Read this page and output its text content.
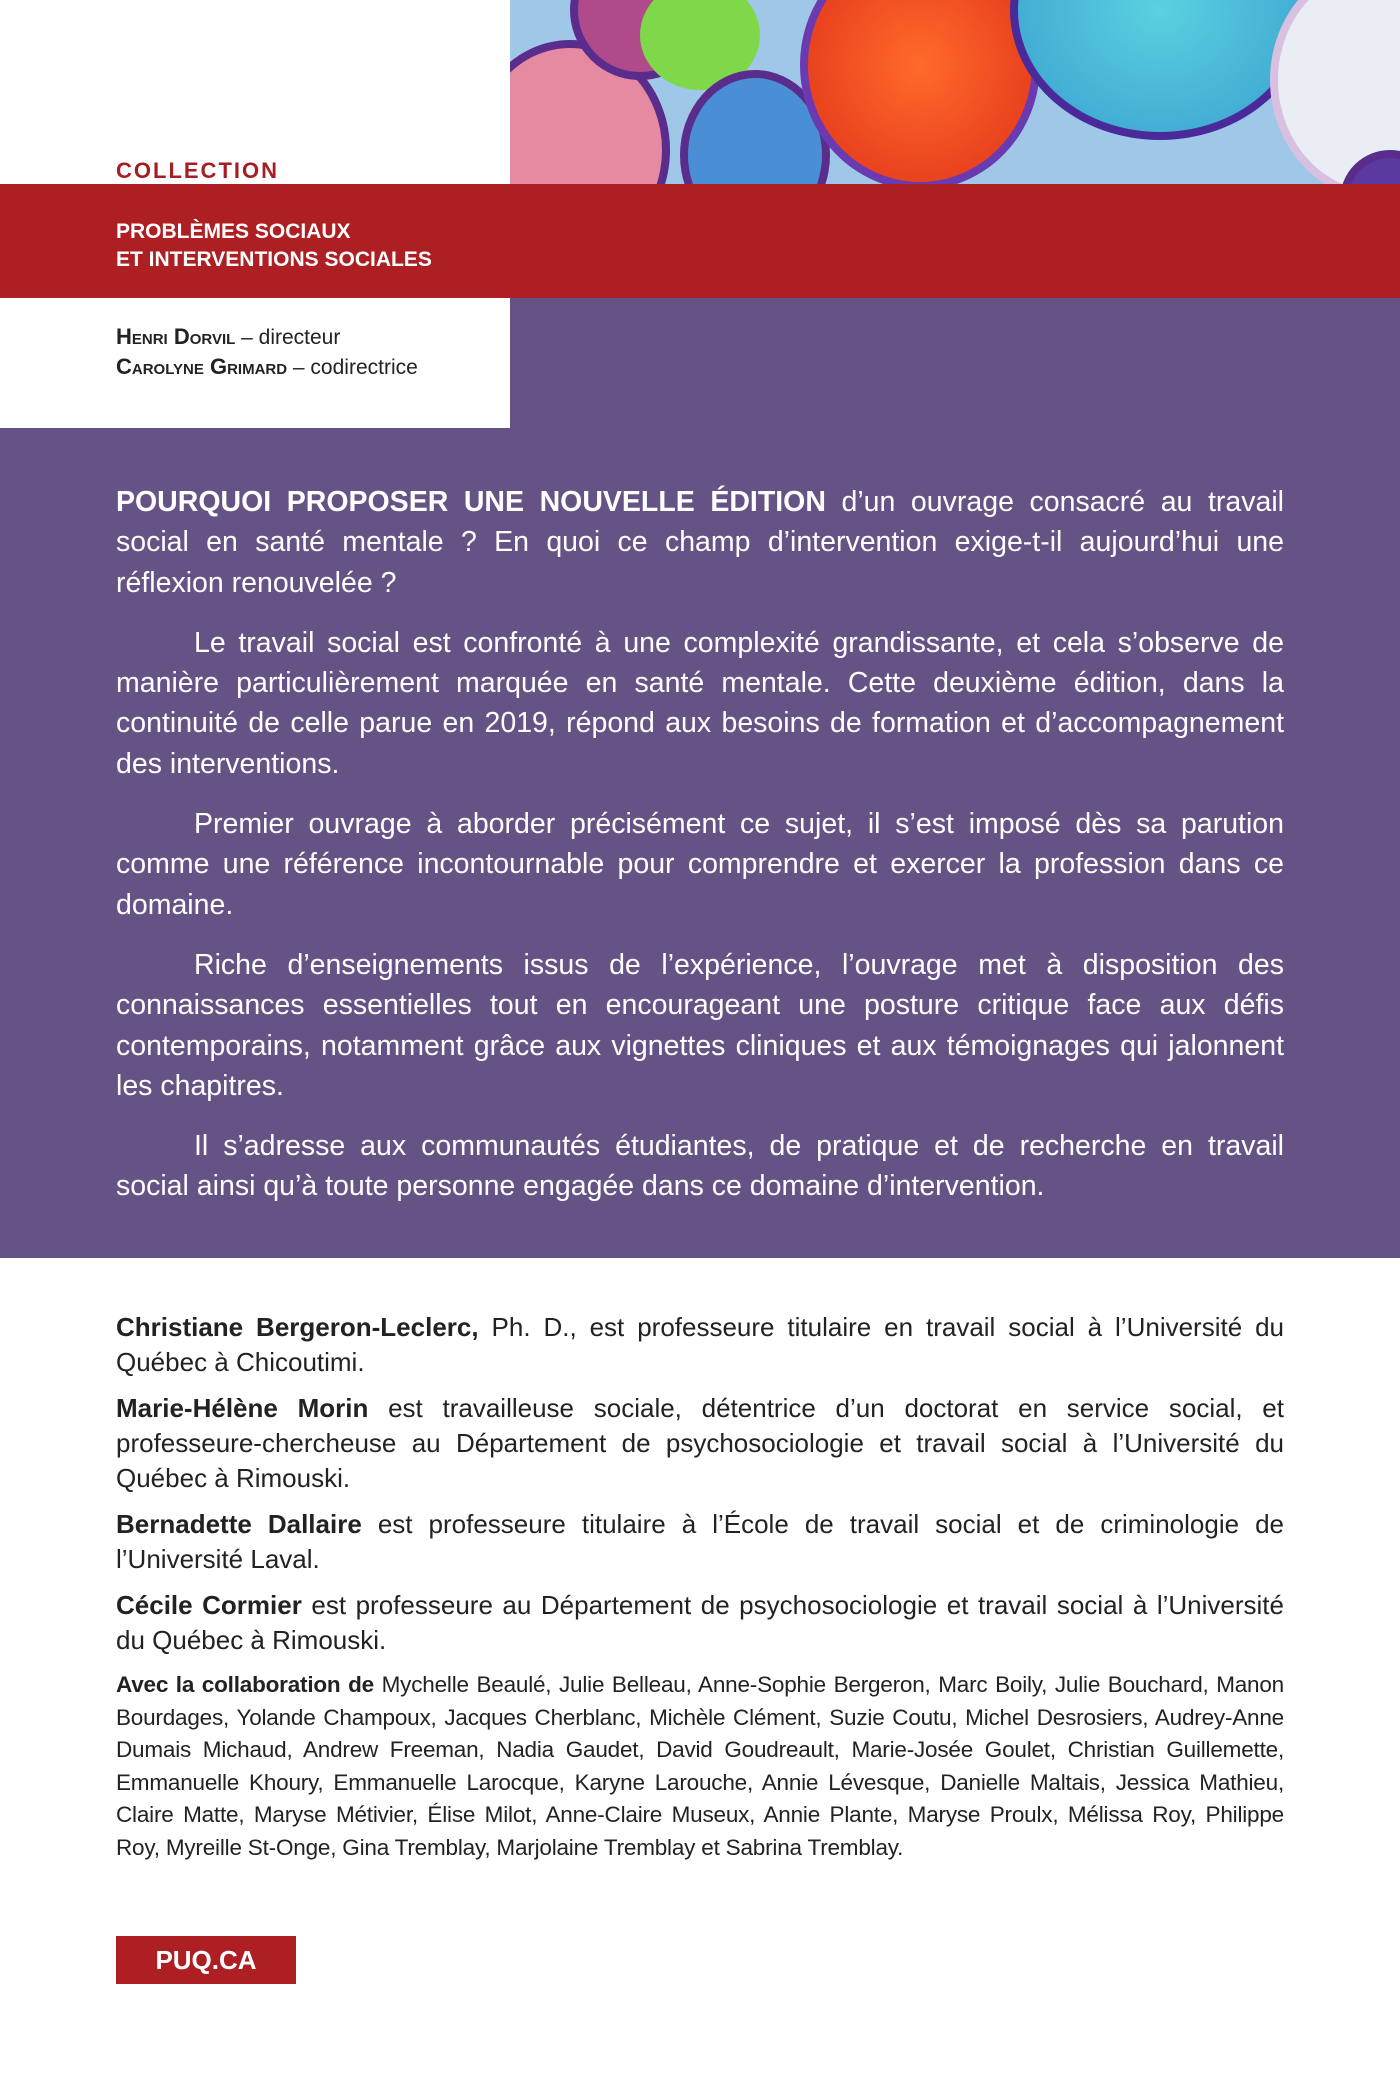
COLLECTION
PROBLÈMES SOCIAUX
ET INTERVENTIONS SOCIALES
Henri Dorvil – directeur
Carolyne Grimard – codirectrice

POURQUOI PROPOSER UNE NOUVELLE ÉDITION d’un ouvrage consacré au travail social en santé mentale ? En quoi ce champ d’intervention exige-t-il aujourd’hui une réflexion renouvelée ?

Le travail social est confronté à une complexité grandissante, et cela s’observe de manière particulièrement marquée en santé mentale. Cette deuxième édition, dans la continuité de celle parue en 2019, répond aux besoins de formation et d’accompagnement des interventions.

Premier ouvrage à aborder précisément ce sujet, il s’est imposé dès sa parution comme une référence incontournable pour comprendre et exercer la profession dans ce domaine.

Riche d’enseignements issus de l’expérience, l’ouvrage met à disposition des connaissances essentielles tout en encourageant une posture critique face aux défis contemporains, notamment grâce aux vignettes cliniques et aux témoignages qui jalonnent les chapitres.

Il s’adresse aux communautés étudiantes, de pratique et de recherche en travail social ainsi qu’à toute personne engagée dans ce domaine d’intervention.

Christiane Bergeron-Leclerc, Ph. D., est professeure titulaire en travail social à l’Université du Québec à Chicoutimi.

Marie-Hélène Morin est travailleuse sociale, détentrice d’un doctorat en service social, et professeure-chercheuse au Département de psychosociologie et travail social à l’Université du Québec à Rimouski.

Bernadette Dallaire est professeure titulaire à l’École de travail social et de criminologie de l’Université Laval.

Cécile Cormier est professeure au Département de psychosociologie et travail social à l’Université du Québec à Rimouski.

Avec la collaboration de Mychelle Beaulé, Julie Belleau, Anne-Sophie Bergeron, Marc Boily, Julie Bouchard, Manon Bourdages, Yolande Champoux, Jacques Cherblanc, Michèle Clément, Suzie Coutu, Michel Desrosiers, Audrey-Anne Dumais Michaud, Andrew Freeman, Nadia Gaudet, David Goudreault, Marie-Josée Goulet, Christian Guillemette, Emmanuelle Khoury, Emmanuelle Larocque, Karyne Larouche, Annie Lévesque, Danielle Maltais, Jessica Mathieu, Claire Matte, Maryse Métivier, Élise Milot, Anne-Claire Museux, Annie Plante, Maryse Proulx, Mélissa Roy, Philippe Roy, Myreille St-Onge, Gina Tremblay, Marjolaine Tremblay et Sabrina Tremblay.

PUQ.CA
